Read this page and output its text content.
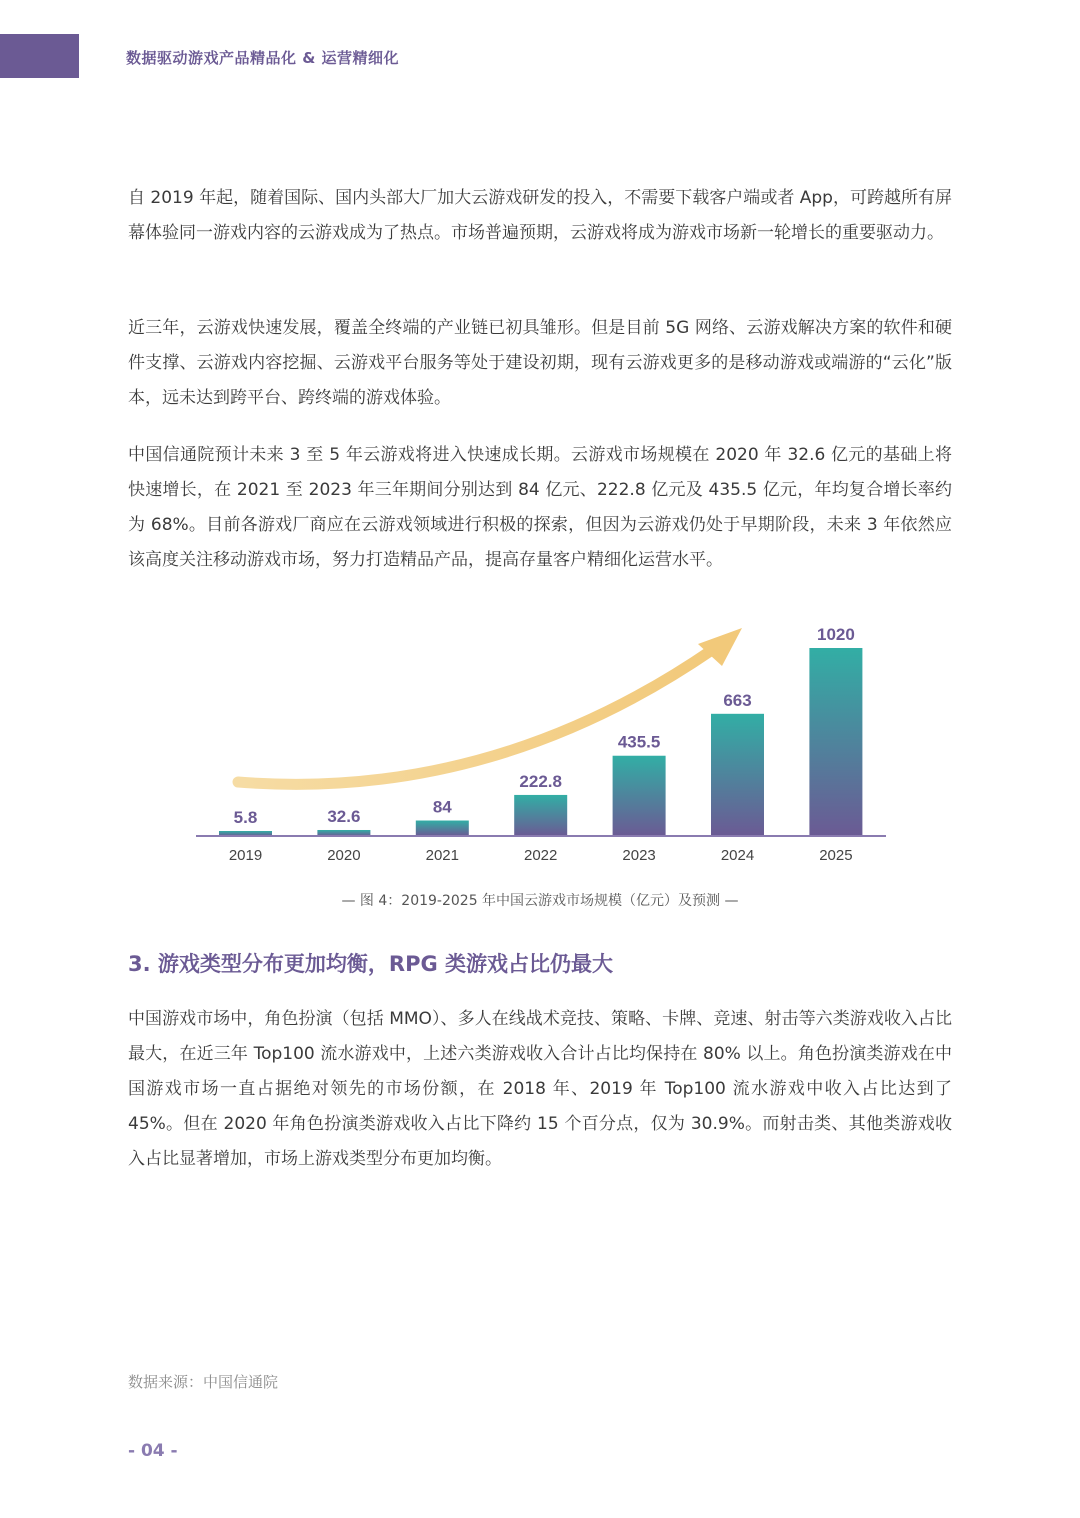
数据驱动游戏产品精品化 & 运营精细化

自 2019 年起，随着国际、国内头部大厂加大云游戏研发的投入，不需要下载客户端或者 App，可跨越所有屏幕体验同一游戏内容的云游戏成为了热点。市场普遍预期，云游戏将成为游戏市场新一轮增长的重要驱动力。

近三年，云游戏快速发展，覆盖全终端的产业链已初具雏形。但是目前 5G 网络、云游戏解决方案的软件和硬件支撑、云游戏内容挖掘、云游戏平台服务等处于建设初期，现有云游戏更多的是移动游戏或端游的“云化”版本，远未达到跨平台、跨终端的游戏体验。

中国信通院预计未来 3 至 5 年云游戏将进入快速成长期。云游戏市场规模在 2020 年 32.6 亿元的基础上将快速增长，在 2021 至 2023 年三年期间分别达到 84 亿元、222.8 亿元及 435.5 亿元，年均复合增长率约为 68%。目前各游戏厂商应在云游戏领域进行积极的探索，但因为云游戏仍处于早期阶段，未来 3 年依然应该高度关注移动游戏市场，努力打造精品产品，提高存量客户精细化运营水平。

5.8
2019
32.6
2020
84
2021
222.8
2022
435.5
2023
663
2024
1020
2025
— 图 4：2019-2025 年中国云游戏市场规模（亿元）及预测 —
3. 游戏类型分布更加均衡，RPG 类游戏占比仍最大

中国游戏市场中，角色扮演（包括 MMO）、多人在线战术竞技、策略、卡牌、竞速、射击等六类游戏收入占比最大，在近三年 Top100 流水游戏中，上述六类游戏收入合计占比均保持在 80% 以上。角色扮演类游戏在中国游戏市场一直占据绝对领先的市场份额，在 2018 年、2019 年 Top100 流水游戏中收入占比达到了 45%。但在 2020 年角色扮演类游戏收入占比下降约 15 个百分点，仅为 30.9%。而射击类、其他类游戏收入占比显著增加，市场上游戏类型分布更加均衡。

数据来源：中国信通院
- 04 -
